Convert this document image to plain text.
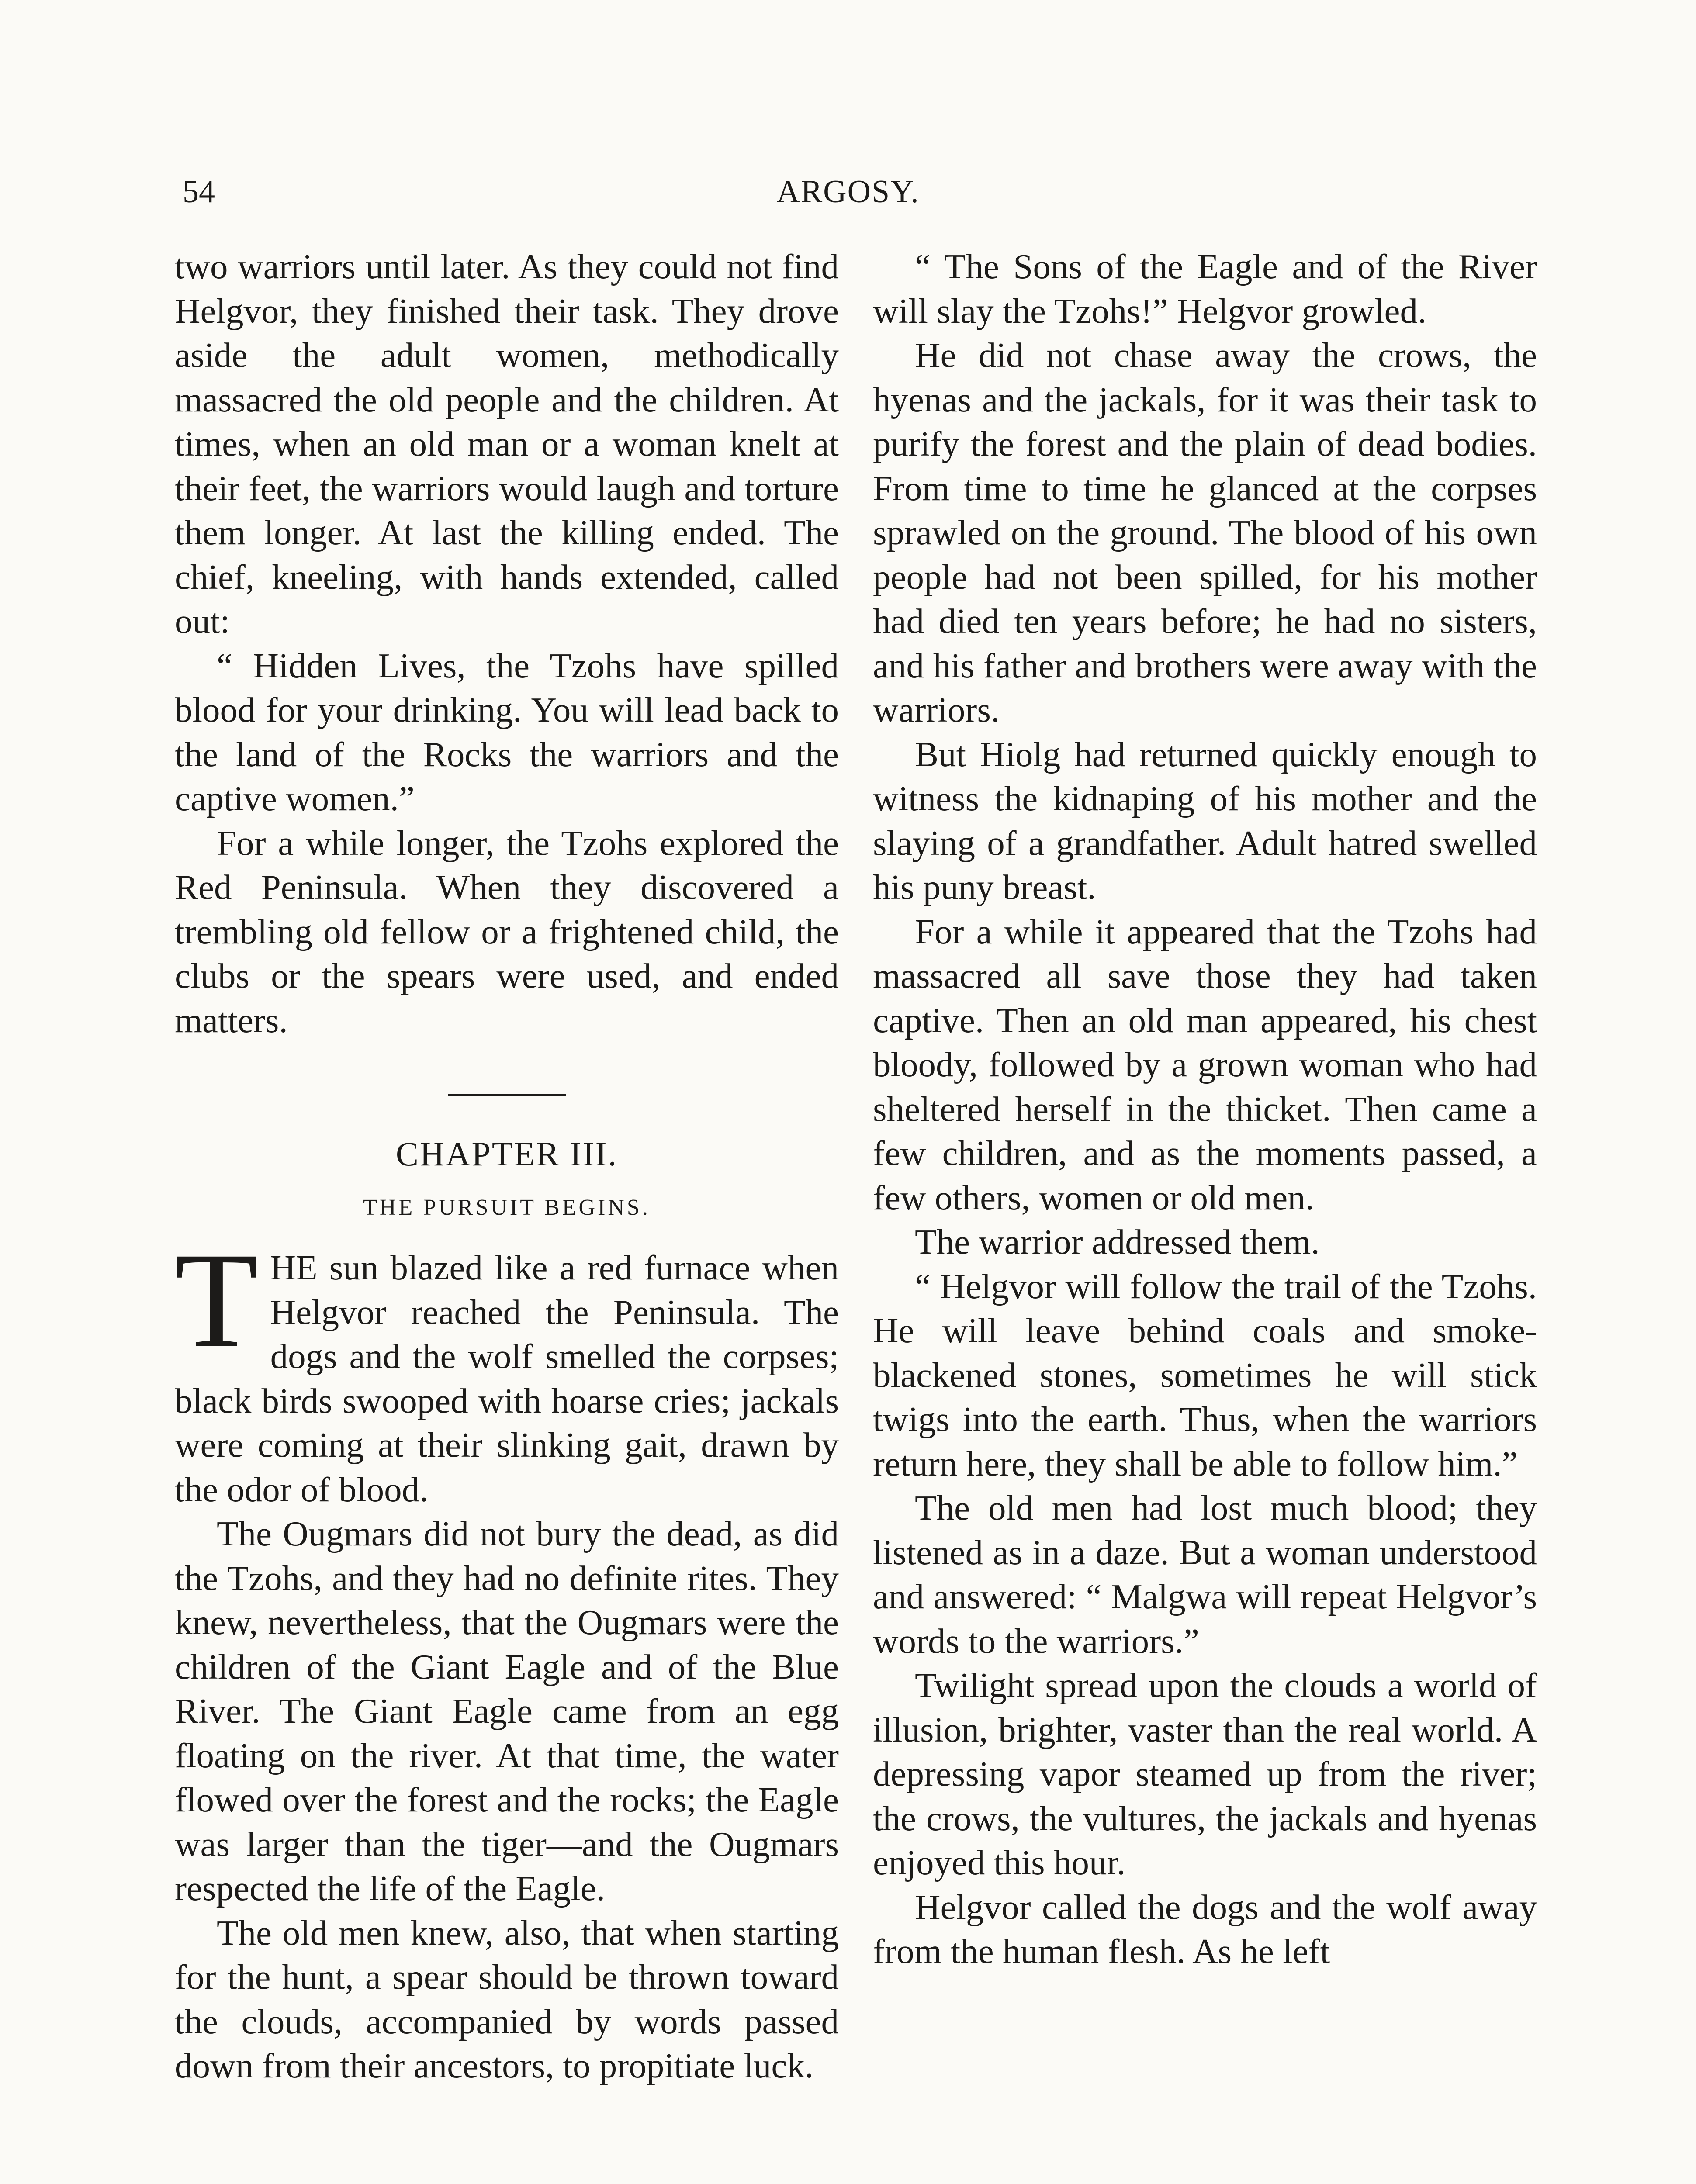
54	ARGOSY.

two warriors until later. As they could not find Helgvor, they finished their task. They drove aside the adult women, methodically massacred the old people and the children. At times, when an old man or a woman knelt at their feet, the warriors would laugh and torture them longer. At last the killing ended. The chief, kneeling, with hands extended, called out:

“ Hidden Lives, the Tzohs have spilled blood for your drinking. You will lead back to the land of the Rocks the warriors and the captive women.”

For a while longer, the Tzohs explored the Red Peninsula. When they discovered a trembling old fellow or a frightened child, the clubs or the spears were used, and ended matters.

CHAPTER III.
THE PURSUIT BEGINS.

THE sun blazed like a red furnace when Helgvor reached the Peninsula. The dogs and the wolf smelled the corpses; black birds swooped with hoarse cries; jackals were coming at their slinking gait, drawn by the odor of blood.

The Ougmars did not bury the dead, as did the Tzohs, and they had no definite rites. They knew, nevertheless, that the Ougmars were the children of the Giant Eagle and of the Blue River. The Giant Eagle came from an egg floating on the river. At that time, the water flowed over the forest and the rocks; the Eagle was larger than the tiger—and the Ougmars respected the life of the Eagle.

The old men knew, also, that when starting for the hunt, a spear should be thrown toward the clouds, accompanied by words passed down from their ancestors, to propitiate luck.

“ The Sons of the Eagle and of the River will slay the Tzohs!” Helgvor growled.

He did not chase away the crows, the hyenas and the jackals, for it was their task to purify the forest and the plain of dead bodies. From time to time he glanced at the corpses sprawled on the ground. The blood of his own people had not been spilled, for his mother had died ten years before; he had no sisters, and his father and brothers were away with the warriors.

But Hiolg had returned quickly enough to witness the kidnaping of his mother and the slaying of a grandfather. Adult hatred swelled his puny breast.

For a while it appeared that the Tzohs had massacred all save those they had taken captive. Then an old man appeared, his chest bloody, followed by a grown woman who had sheltered herself in the thicket. Then came a few children, and as the moments passed, a few others, women or old men.

The warrior addressed them.

“ Helgvor will follow the trail of the Tzohs. He will leave behind coals and smoke-blackened stones, sometimes he will stick twigs into the earth. Thus, when the warriors return here, they shall be able to follow him.”

The old men had lost much blood; they listened as in a daze. But a woman understood and answered: “ Malgwa will repeat Helgvor’s words to the warriors.”

Twilight spread upon the clouds a world of illusion, brighter, vaster than the real world. A depressing vapor steamed up from the river; the crows, the vultures, the jackals and hyenas enjoyed this hour.

Helgvor called the dogs and the wolf away from the human flesh. As he left
